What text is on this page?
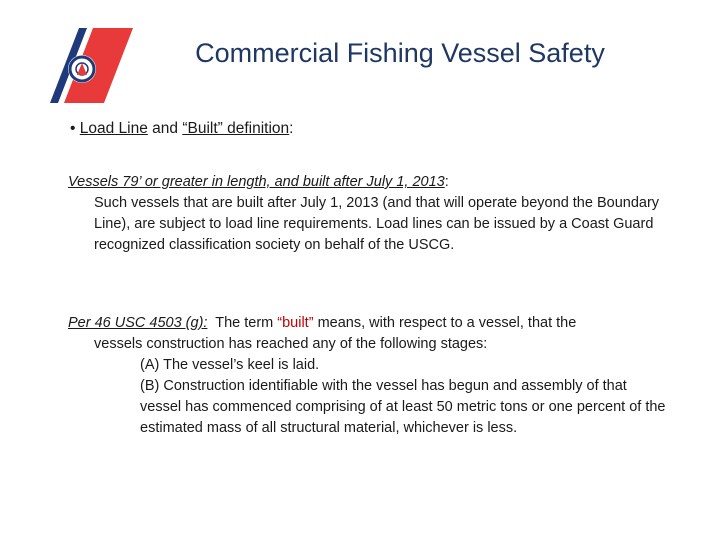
Commercial Fishing Vessel Safety
• Load Line and “Built” definition:
Vessels 79’ or greater in length, and built after July 1, 2013:
Such vessels that are built after July 1, 2013 (and that will operate beyond the Boundary Line), are subject to load line requirements. Load lines can be issued by a Coast Guard recognized classification society on behalf of the USCG.
Per 46 USC 4503 (g):  The term “built” means, with respect to a vessel, that the
vessels construction has reached any of the following stages:
(A) The vessel’s keel is laid.
(B) Construction identifiable with the vessel has begun and assembly of that vessel has commenced comprising of at least 50 metric tons or one percent of the estimated mass of all structural material, whichever is less.
